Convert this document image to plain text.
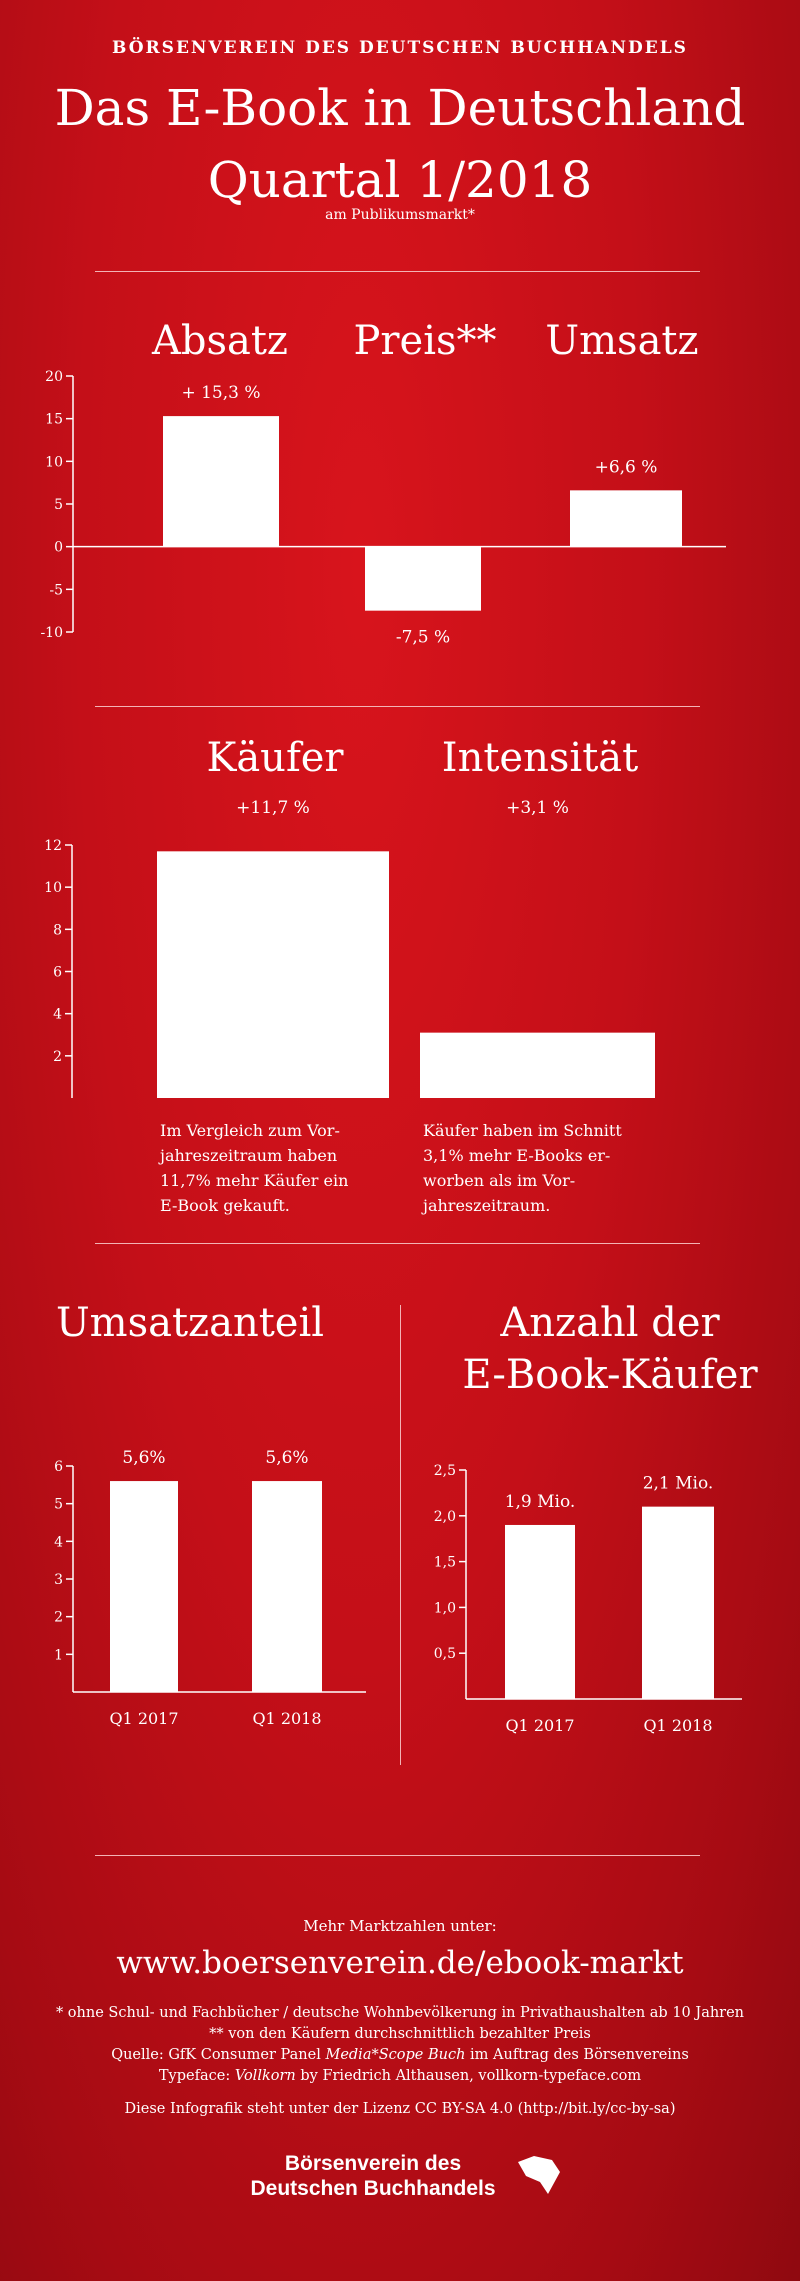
BÖRSENVEREIN DES DEUTSCHEN BUCHHANDELS
Das E-Book in Deutschland
Quartal 1/2018
am Publikumsmarkt*
Absatz	Preis**	Umsatz
20
15
10
5
0
-5
-10
+ 15,3 %
-7,5 %
+6,6 %
12
10
8
6
4
2
+11,7 %	+3,1 %
6
5
4
3
2
1
5,6%
Q1 2017
5,6%
Q1 2018
2,5
2,0
1,5
1,0
0,5
1,9 Mio.
Q1 2017
2,1 Mio.
Q1 2018
Käufer	Intensität
Im Vergleich zum Vor-
jahreszeitraum haben
11,7% mehr Käufer ein
E-Book gekauft.
Käufer haben im Schnitt
3,1% mehr E-Books er-
worben als im Vor-
jahreszeitraum.
Umsatzanteil	Anzahl der
E-Book-Käufer
Mehr Marktzahlen unter:
www.boersenverein.de/ebook-markt
* ohne Schul- und Fachbücher / deutsche Wohnbevölkerung in Privathaushalten ab 10 Jahren
** von den Käufern durchschnittlich bezahlter Preis
Quelle: GfK Consumer Panel Media*Scope Buch im Auftrag des Börsenvereins
Typeface: Vollkorn by Friedrich Althausen, vollkorn-typeface.com
Diese Infografik steht unter der Lizenz CC BY-SA 4.0 (http://bit.ly/cc-by-sa)
Börsenverein des
Deutschen Buchhandels
